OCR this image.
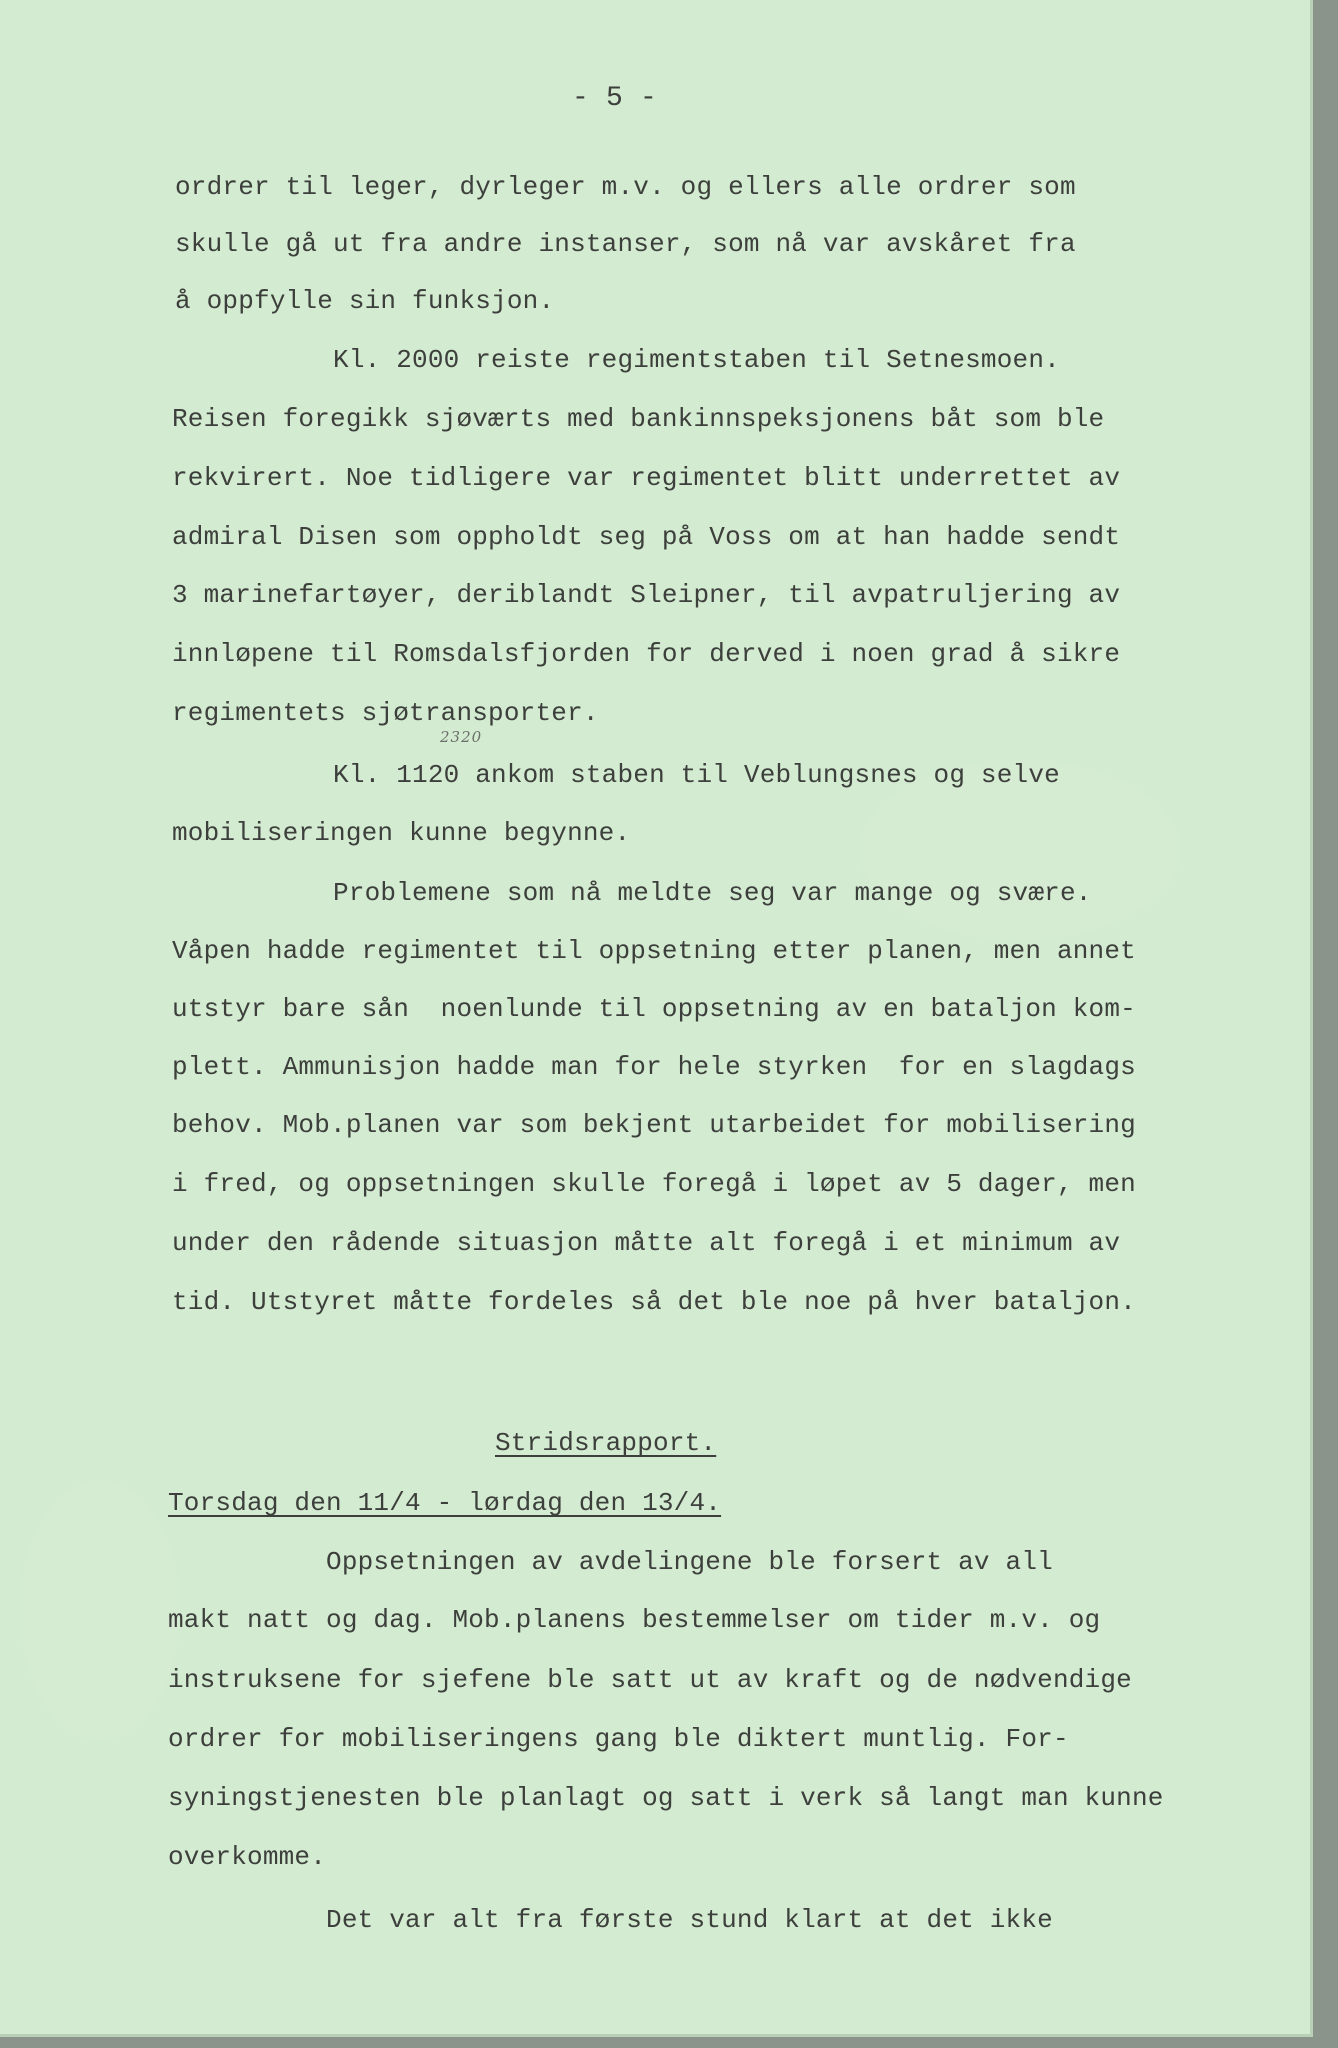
- 5 -
ordrer til leger, dyrleger m.v. og ellers alle ordrer som
skulle gå ut fra andre instanser, som nå var avskåret fra
å oppfylle sin funksjon.
Kl. 2000 reiste regimentstaben til Setnesmoen.
Reisen foregikk sjøværts med bankinnspeksjonens båt som ble
rekvirert. Noe tidligere var regimentet blitt underrettet av
admiral Disen som oppholdt seg på Voss om at han hadde sendt
3 marinefartøyer, deriblandt Sleipner, til avpatruljering av
innløpene til Romsdalsfjorden for derved i noen grad å sikre
regimentets sjøtransporter.
Kl. 1120 ankom staben til Veblungsnes og selve
mobiliseringen kunne begynne.
Problemene som nå meldte seg var mange og svære.
Våpen hadde regimentet til oppsetning etter planen, men annet
utstyr bare sån  noenlunde til oppsetning av en bataljon kom-
plett. Ammunisjon hadde man for hele styrken  for en slagdags
behov. Mob.planen var som bekjent utarbeidet for mobilisering
i fred, og oppsetningen skulle foregå i løpet av 5 dager, men
under den rådende situasjon måtte alt foregå i et minimum av
tid. Utstyret måtte fordeles så det ble noe på hver bataljon.
2320
Stridsrapport.
Torsdag den 11/4 - lørdag den 13/4.
Oppsetningen av avdelingene ble forsert av all
makt natt og dag. Mob.planens bestemmelser om tider m.v. og
instruksene for sjefene ble satt ut av kraft og de nødvendige
ordrer for mobiliseringens gang ble diktert muntlig. For-
syningstjenesten ble planlagt og satt i verk så langt man kunne
overkomme.
Det var alt fra første stund klart at det ikke
